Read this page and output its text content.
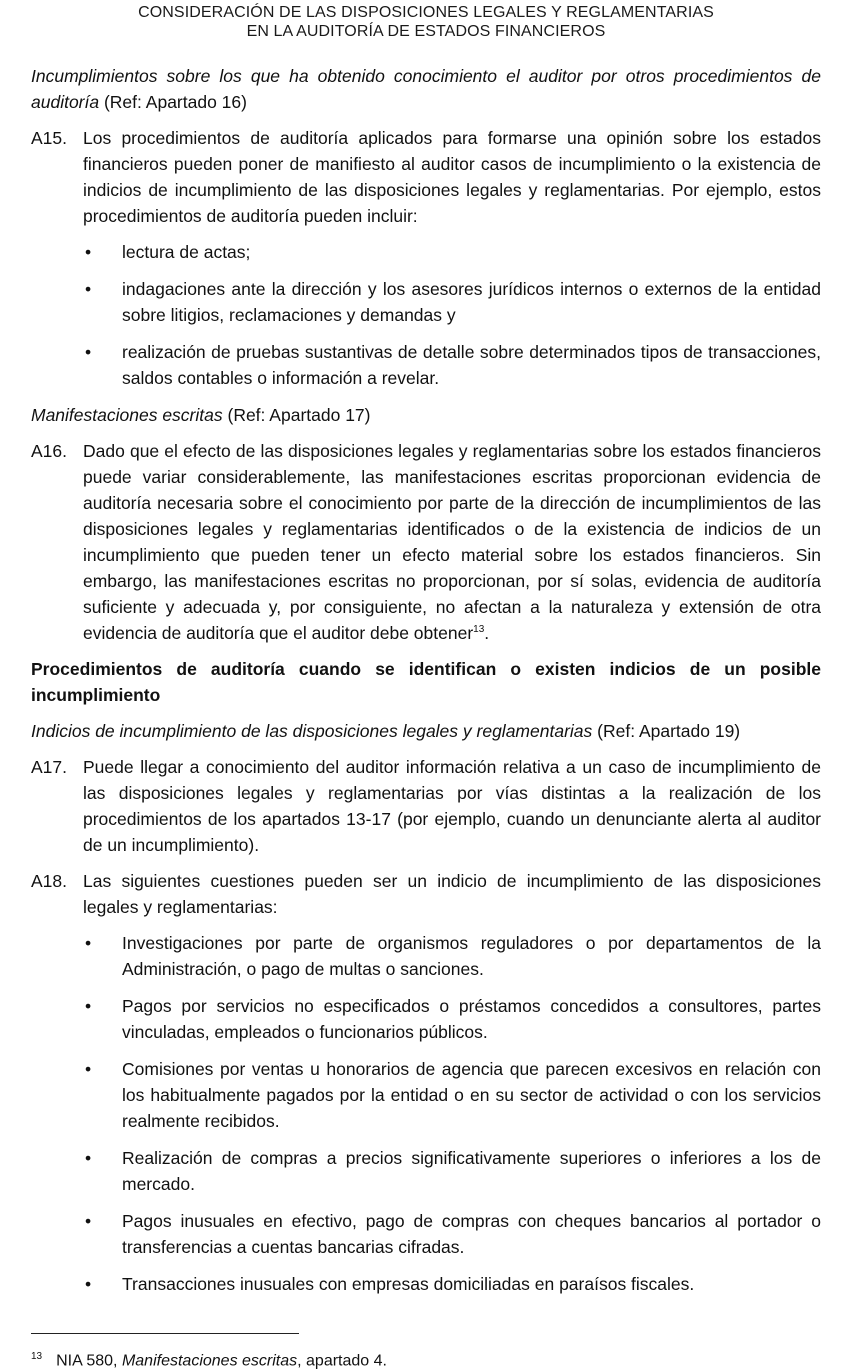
CONSIDERACIÓN DE LAS DISPOSICIONES LEGALES Y REGLAMENTARIAS
EN LA AUDITORÍA DE ESTADOS FINANCIEROS

Incumplimientos sobre los que ha obtenido conocimiento el auditor por otros procedimientos de auditoría (Ref: Apartado 16)

A15. Los procedimientos de auditoría aplicados para formarse una opinión sobre los estados financieros pueden poner de manifiesto al auditor casos de incumplimiento o la existencia de indicios de incumplimiento de las disposiciones legales y reglamentarias. Por ejemplo, estos procedimientos de auditoría pueden incluir:
• lectura de actas;
• indagaciones ante la dirección y los asesores jurídicos internos o externos de la entidad sobre litigios, reclamaciones y demandas y
• realización de pruebas sustantivas de detalle sobre determinados tipos de transacciones, saldos contables o información a revelar.

Manifestaciones escritas (Ref: Apartado 17)

A16. Dado que el efecto de las disposiciones legales y reglamentarias sobre los estados financieros puede variar considerablemente, las manifestaciones escritas proporcionan evidencia de auditoría necesaria sobre el conocimiento por parte de la dirección de incumplimientos de las disposiciones legales y reglamentarias identificados o de la existencia de indicios de un incumplimiento que pueden tener un efecto material sobre los estados financieros. Sin embargo, las manifestaciones escritas no proporcionan, por sí solas, evidencia de auditoría suficiente y adecuada y, por consiguiente, no afectan a la naturaleza y extensión de otra evidencia de auditoría que el auditor debe obtener$^{13}$.

Procedimientos de auditoría cuando se identifican o existen indicios de un posible incumplimiento

Indicios de incumplimiento de las disposiciones legales y reglamentarias (Ref: Apartado 19)

A17. Puede llegar a conocimiento del auditor información relativa a un caso de incumplimiento de las disposiciones legales y reglamentarias por vías distintas a la realización de los procedimientos de los apartados 13-17 (por ejemplo, cuando un denunciante alerta al auditor de un incumplimiento).
A18. Las siguientes cuestiones pueden ser un indicio de incumplimiento de las disposiciones legales y reglamentarias:
• Investigaciones por parte de organismos reguladores o por departamentos de la Administración, o pago de multas o sanciones.
• Pagos por servicios no especificados o préstamos concedidos a consultores, partes vinculadas, empleados o funcionarios públicos.
• Comisiones por ventas u honorarios de agencia que parecen excesivos en relación con los habitualmente pagados por la entidad o en su sector de actividad o con los servicios realmente recibidos.
• Realización de compras a precios significativamente superiores o inferiores a los de mercado.
• Pagos inusuales en efectivo, pago de compras con cheques bancarios al portador o transferencias a cuentas bancarias cifradas.
• Transacciones inusuales con empresas domiciliadas en paraísos fiscales.
$^{13}$ NIA 580, Manifestaciones escritas, apartado 4.
